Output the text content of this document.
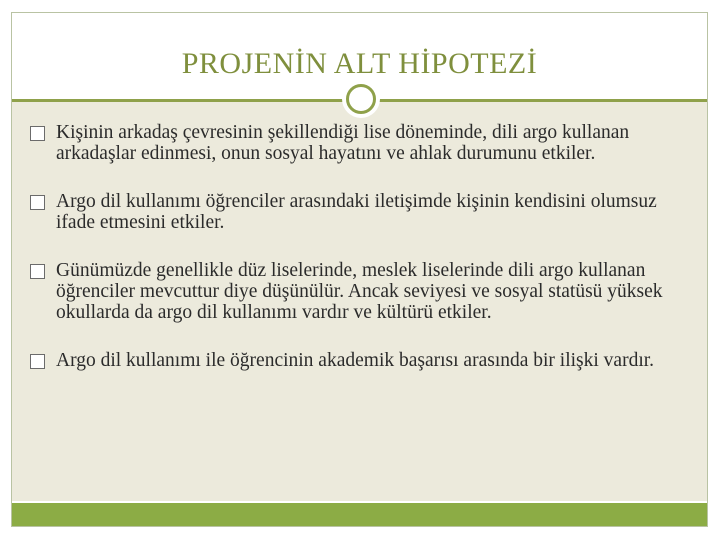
PROJENİN ALT HİPOTEZİ
Kişinin arkadaş çevresinin şekillendiği lise döneminde, dili argo kullanan arkadaşlar edinmesi, onun sosyal hayatını ve ahlak durumunu etkiler.
Argo dil kullanımı öğrenciler arasındaki iletişimde kişinin kendisini olumsuz ifade etmesini etkiler.
Günümüzde genellikle düz liselerinde, meslek liselerinde dili argo kullanan öğrenciler mevcuttur diye düşünülür. Ancak seviyesi ve sosyal statüsü yüksek okullarda da argo dil kullanımı vardır ve kültürü etkiler.
Argo dil kullanımı ile öğrencinin akademik başarısı arasında bir ilişki vardır.
